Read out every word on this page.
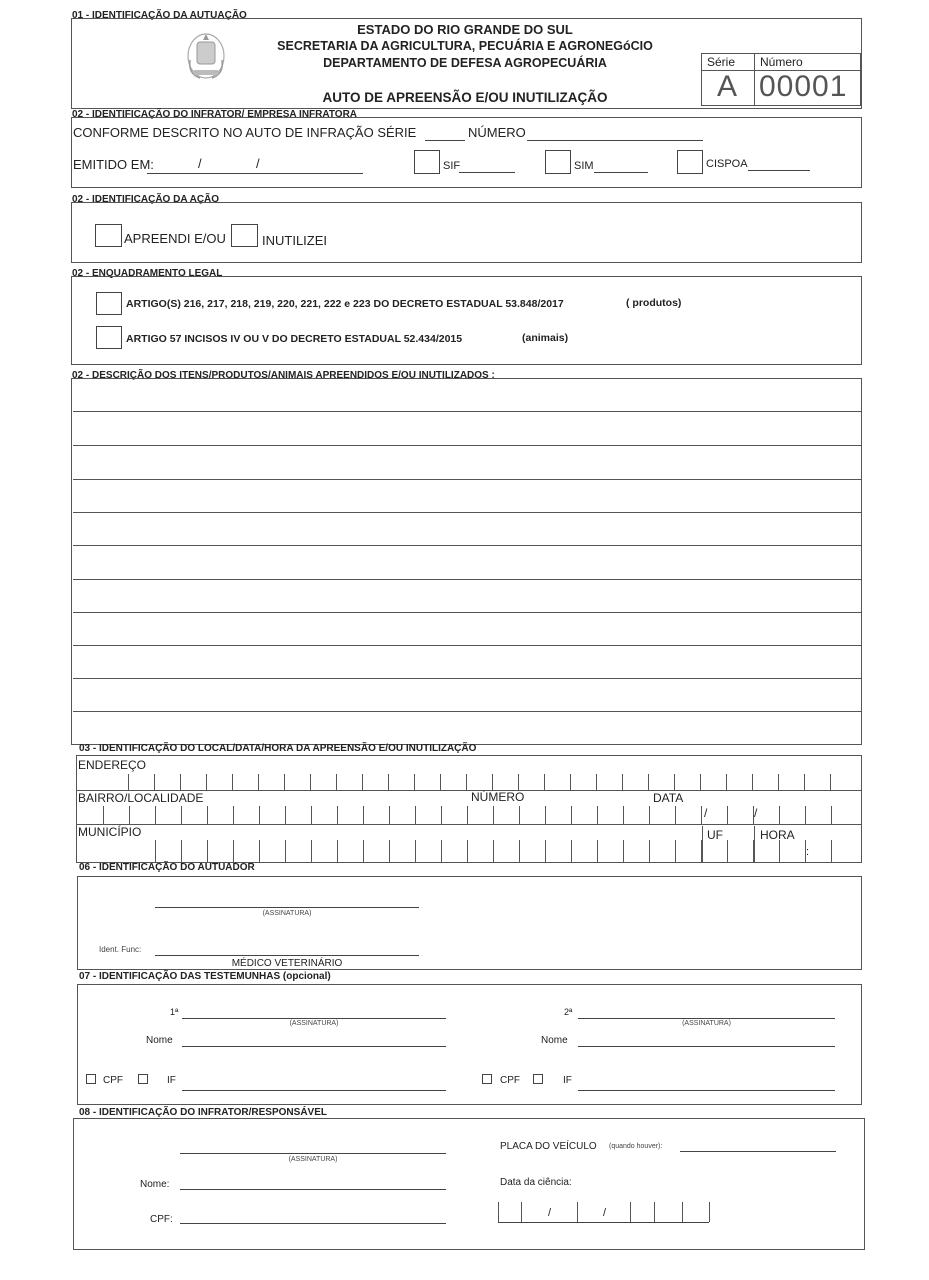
01 - IDENTIFICAÇÃO DA AUTUAÇÃO
ESTADO DO RIO GRANDE DO SUL
SECRETARIA DA AGRICULTURA, PECUÁRIA E AGRONEGóCIO
DEPARTAMENTO DE DEFESA AGROPECUÁRIA
AUTO DE APREENSÃO E/OU INUTILIZAÇÃO
Série Número
A 00001
02 - IDENTIFICAÇÃO DO INFRATOR/ EMPRESA INFRATORA
CONFORME DESCRITO NO AUTO DE INFRAÇÃO SÉRIE	NÚMERO
EMITIDO EM:	/	/	SIF	SIM	CISPOA
02 - IDENTIFICAÇÃO DA AÇÃO
APREENDI E/OU	INUTILIZEI
02 - ENQUADRAMENTO LEGAL
ARTIGO(S) 216, 217, 218, 219, 220, 221, 222 e 223 DO DECRETO ESTADUAL 53.848/2017	( produtos)
ARTIGO 57 INCISOS IV OU V DO DECRETO ESTADUAL 52.434/2015	(animais)
02 - DESCRIÇÃO DOS ITENS/PRODUTOS/ANIMAIS APREENDIDOS E/OU INUTILIZADOS :
03 - IDENTIFICAÇÃO DO LOCAL/DATA/HORA DA APREENSÃO E/OU INUTILIZAÇÃO
ENDEREÇO
BAIRRO/LOCALIDADE	NÚMERO	DATA
/	/
MUNICÍPIO	UF	HORA
:
06 - IDENTIFICAÇÃO DO AUTUADOR
(ASSINATURA)
Ident. Func:
MÉDICO VETERINÁRIO
07 - IDENTIFICAÇÃO DAS TESTEMUNHAS (opcional)
1ª
(ASSINATURA)
Nome
CPF	IF
2ª
(ASSINATURA)
Nome
CPF	IF
08 - IDENTIFICAÇÃO DO INFRATOR/RESPONSÁVEL
(ASSINATURA)
PLACA DO VEÍCULO (quando houver):
Nome:	Data da ciência:
CPF:
/	/
